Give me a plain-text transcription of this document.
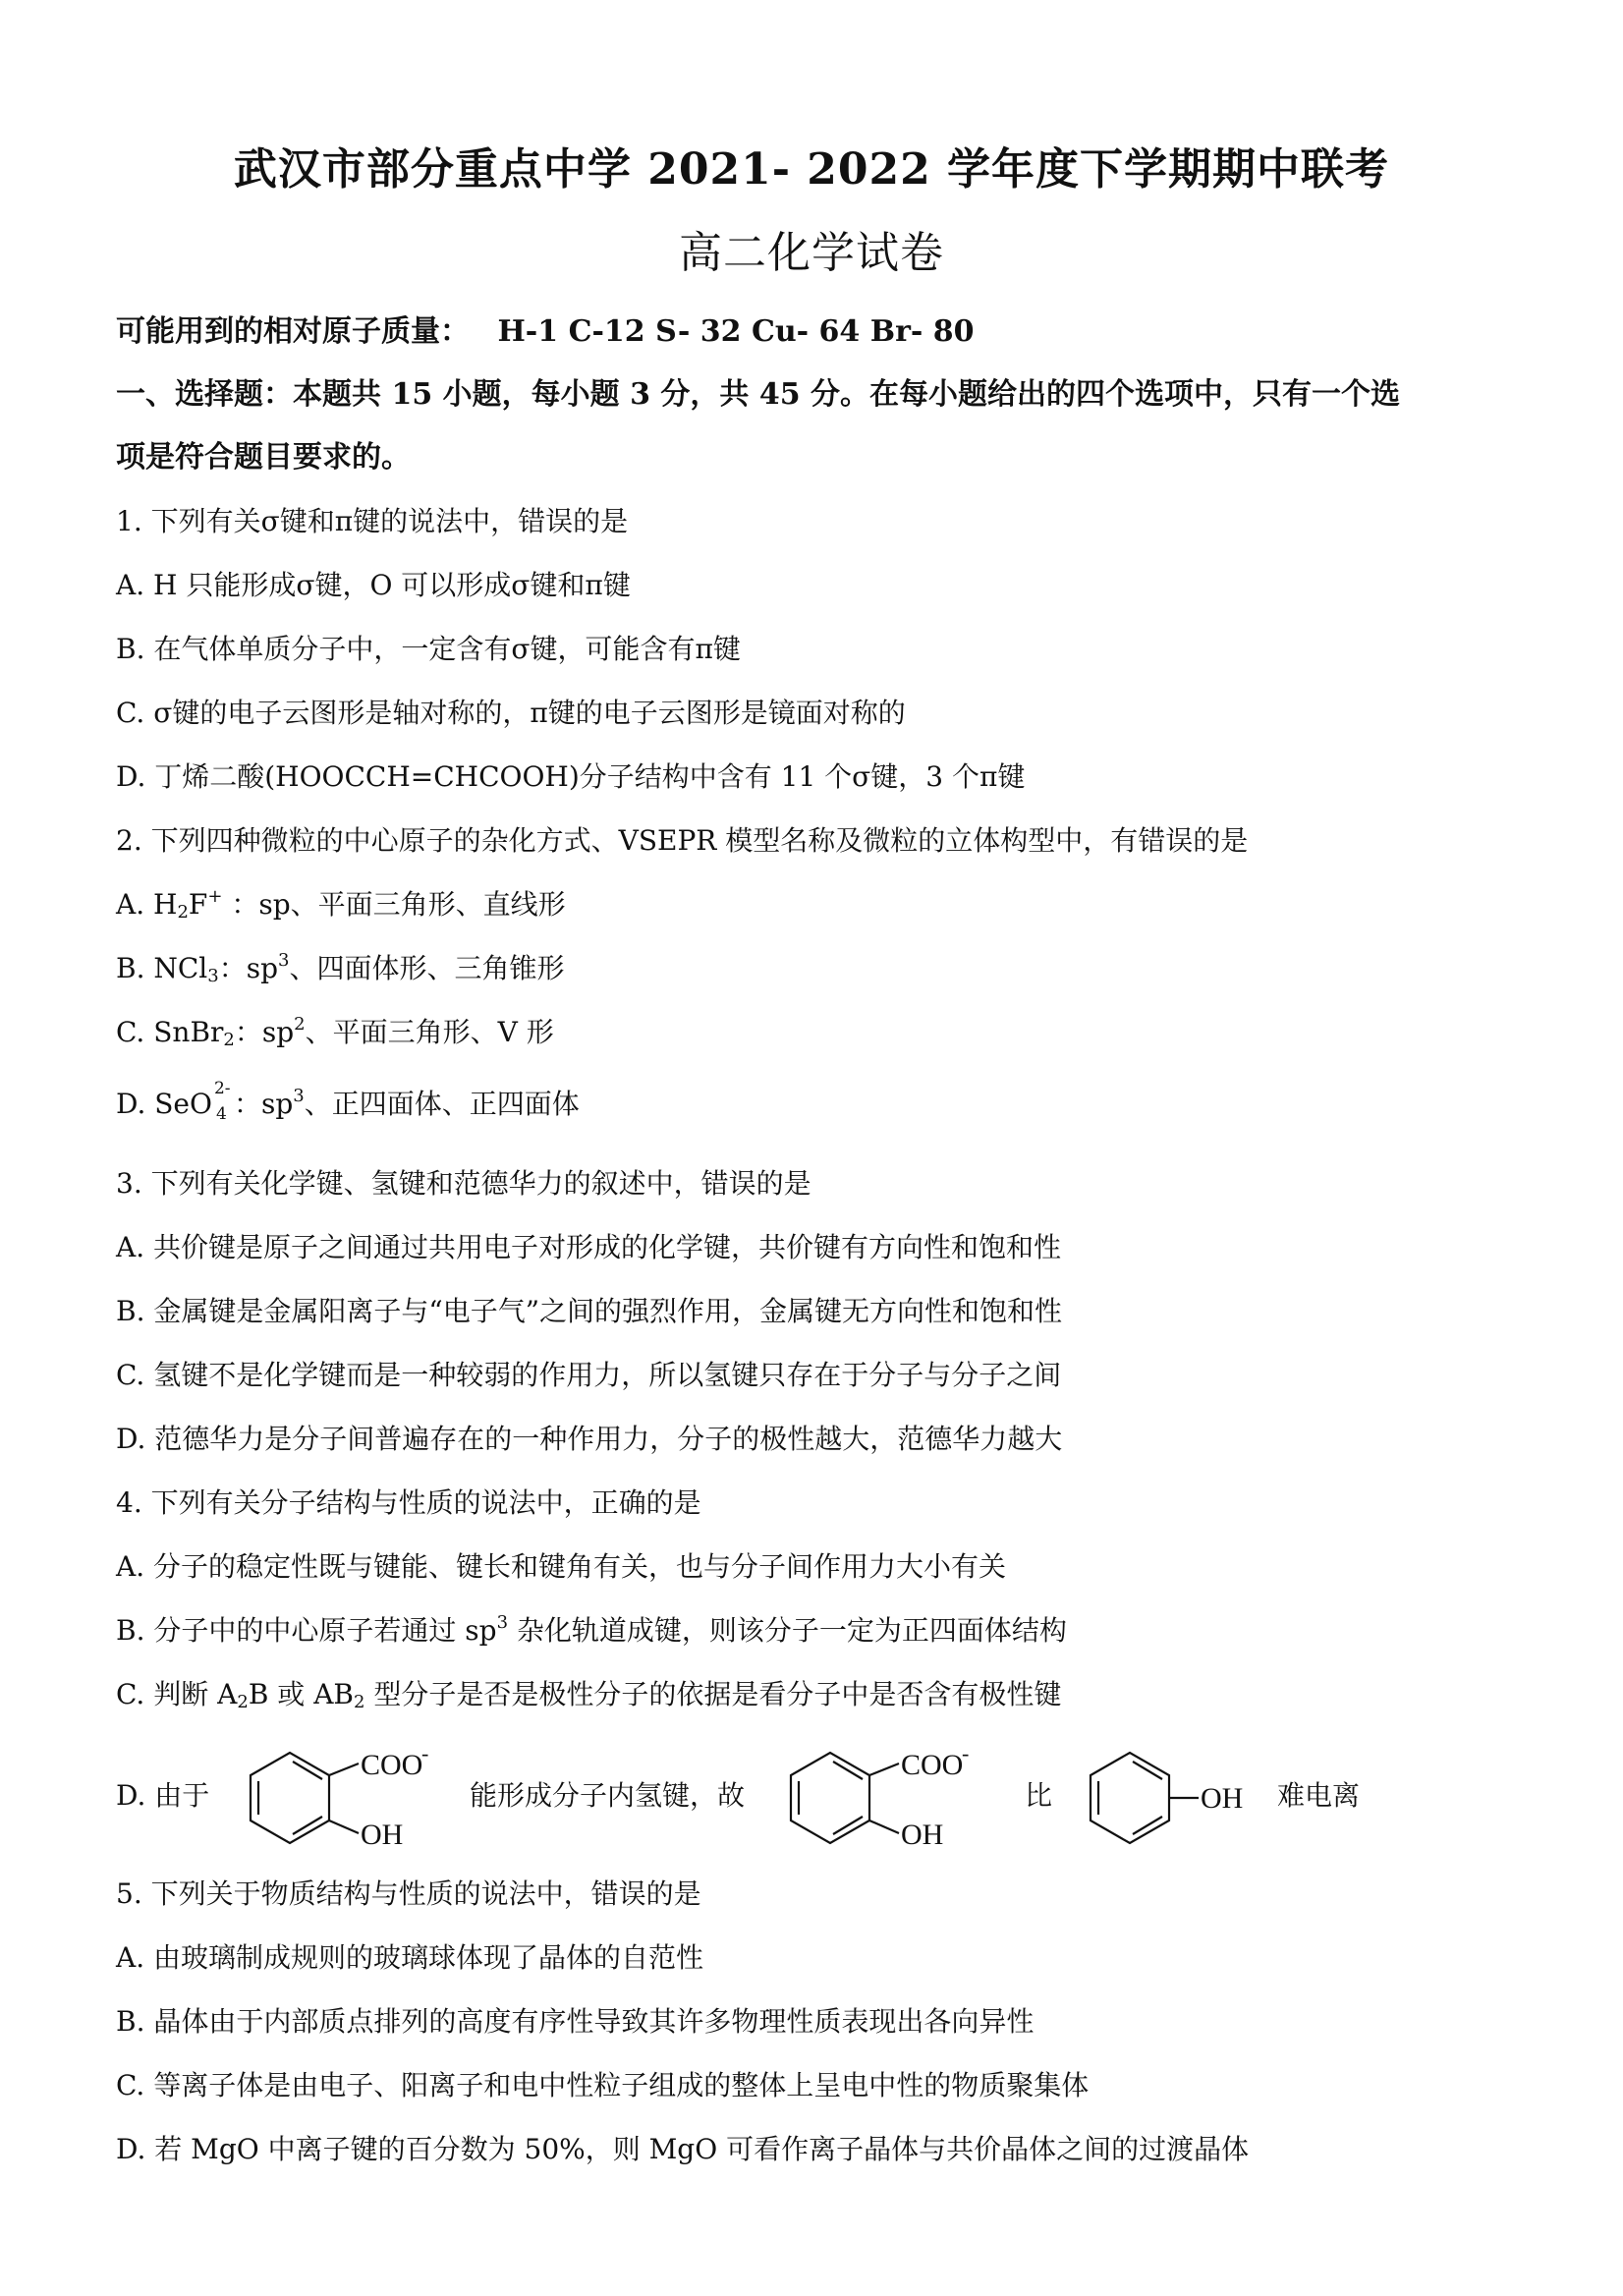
武汉市部分重点中学 2021- 2022 学年度下学期期中联考
高二化学试卷
可能用到的相对原子质量： H-1 C-12 S- 32 Cu- 64 Br- 80
一、选择题：本题共 15 小题，每小题 3 分，共 45 分。在每小题给出的四个选项中，只有一个选
项是符合题目要求的。
1. 下列有关σ键和π键的说法中，错误的是
A. H 只能形成σ键，O 可以形成σ键和π键
B. 在气体单质分子中，一定含有σ键，可能含有π键
C. σ键的电子云图形是轴对称的，π键的电子云图形是镜面对称的
D. 丁烯二酸(HOOCCH=CHCOOH)分子结构中含有 11 个σ键，3 个π键
2. 下列四种微粒的中心原子的杂化方式、VSEPR 模型名称及微粒的立体构型中，有错误的是
A. $H_2F^+$ ：sp、平面三角形、直线形
B. NCl$_3$：$sp^3$、四面体形、三角锥形
C. SnBr$_2$：$sp^2$、平面三角形、V 形
D. SeO 2-
4 ：$sp^3$、正四面体、正四面体
3. 下列有关化学键、氢键和范德华力的叙述中，错误的是
A. 共价键是原子之间通过共用电子对形成的化学键，共价键有方向性和饱和性
B. 金属键是金属阳离子与“电子气”之间的强烈作用，金属键无方向性和饱和性
C. 氢键不是化学键而是一种较弱的作用力，所以氢键只存在于分子与分子之间
D. 范德华力是分子间普遍存在的一种作用力，分子的极性越大，范德华力越大
4. 下列有关分子结构与性质的说法中，正确的是
A. 分子的稳定性既与键能、键长和键角有关，也与分子间作用力大小有关
B. 分子中的中心原子若通过 $sp^3$ 杂化轨道成键，则该分子一定为正四面体结构
C. 判断 $A_2B$ 或 $AB_2$ 型分子是否是极性分子的依据是看分子中是否含有极性键
D. 由于
COO
-
OH
能形成分子内氢键，故
COO
-
OH
比	OH 难电离
5. 下列关于物质结构与性质的说法中，错误的是
A. 由玻璃制成规则的玻璃球体现了晶体的自范性
B. 晶体由于内部质点排列的高度有序性导致其许多物理性质表现出各向异性
C. 等离子体是由电子、阳离子和电中性粒子组成的整体上呈电中性的物质聚集体
D. 若 MgO 中离子键的百分数为 50%，则 MgO 可看作离子晶体与共价晶体之间的过渡晶体
